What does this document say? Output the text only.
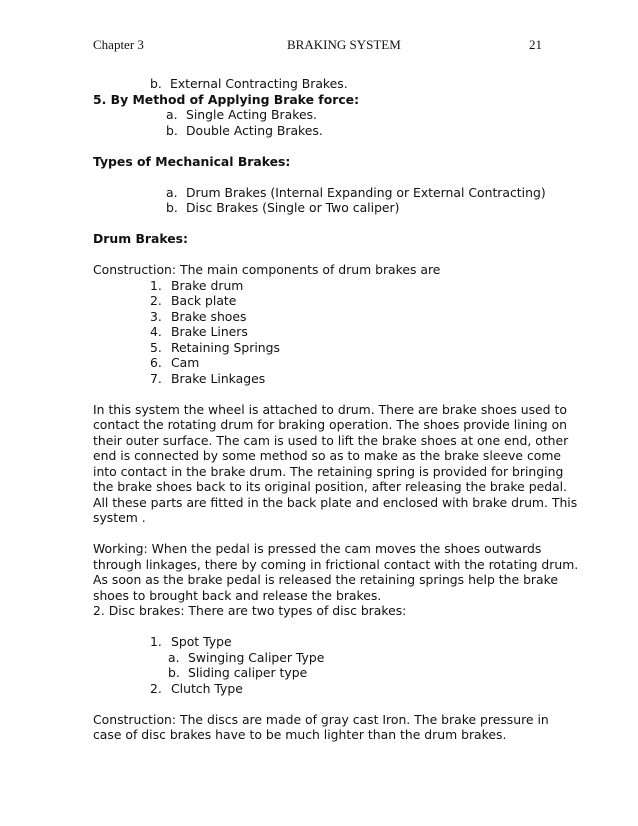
Chapter 3	BRAKING SYSTEM	21
b. External Contracting Brakes.
5. By Method of Applying Brake force:
a. Single Acting Brakes.
b. Double Acting Brakes.
Types of Mechanical Brakes:
a. Drum Brakes (Internal Expanding or External Contracting)
b. Disc Brakes (Single or Two caliper)
Drum Brakes:
Construction: The main components of drum brakes are
1. Brake drum
2. Back plate
3. Brake shoes
4. Brake Liners
5. Retaining Springs
6. Cam
7. Brake Linkages
In this system the wheel is attached to drum. There are brake shoes used to
contact the rotating drum for braking operation. The shoes provide lining on
their outer surface. The cam is used to lift the brake shoes at one end, other
end is connected by some method so as to make as the brake sleeve come
into contact in the brake drum. The retaining spring is provided for bringing
the brake shoes back to its original position, after releasing the brake pedal.
All these parts are fitted in the back plate and enclosed with brake drum. This
system .
Working: When the pedal is pressed the cam moves the shoes outwards
through linkages, there by coming in frictional contact with the rotating drum.
As soon as the brake pedal is released the retaining springs help the brake
shoes to brought back and release the brakes.
2. Disc brakes: There are two types of disc brakes:
1. Spot Type
a. Swinging Caliper Type
b. Sliding caliper type
2. Clutch Type
Construction: The discs are made of gray cast Iron. The brake pressure in
case of disc brakes have to be much lighter than the drum brakes.
